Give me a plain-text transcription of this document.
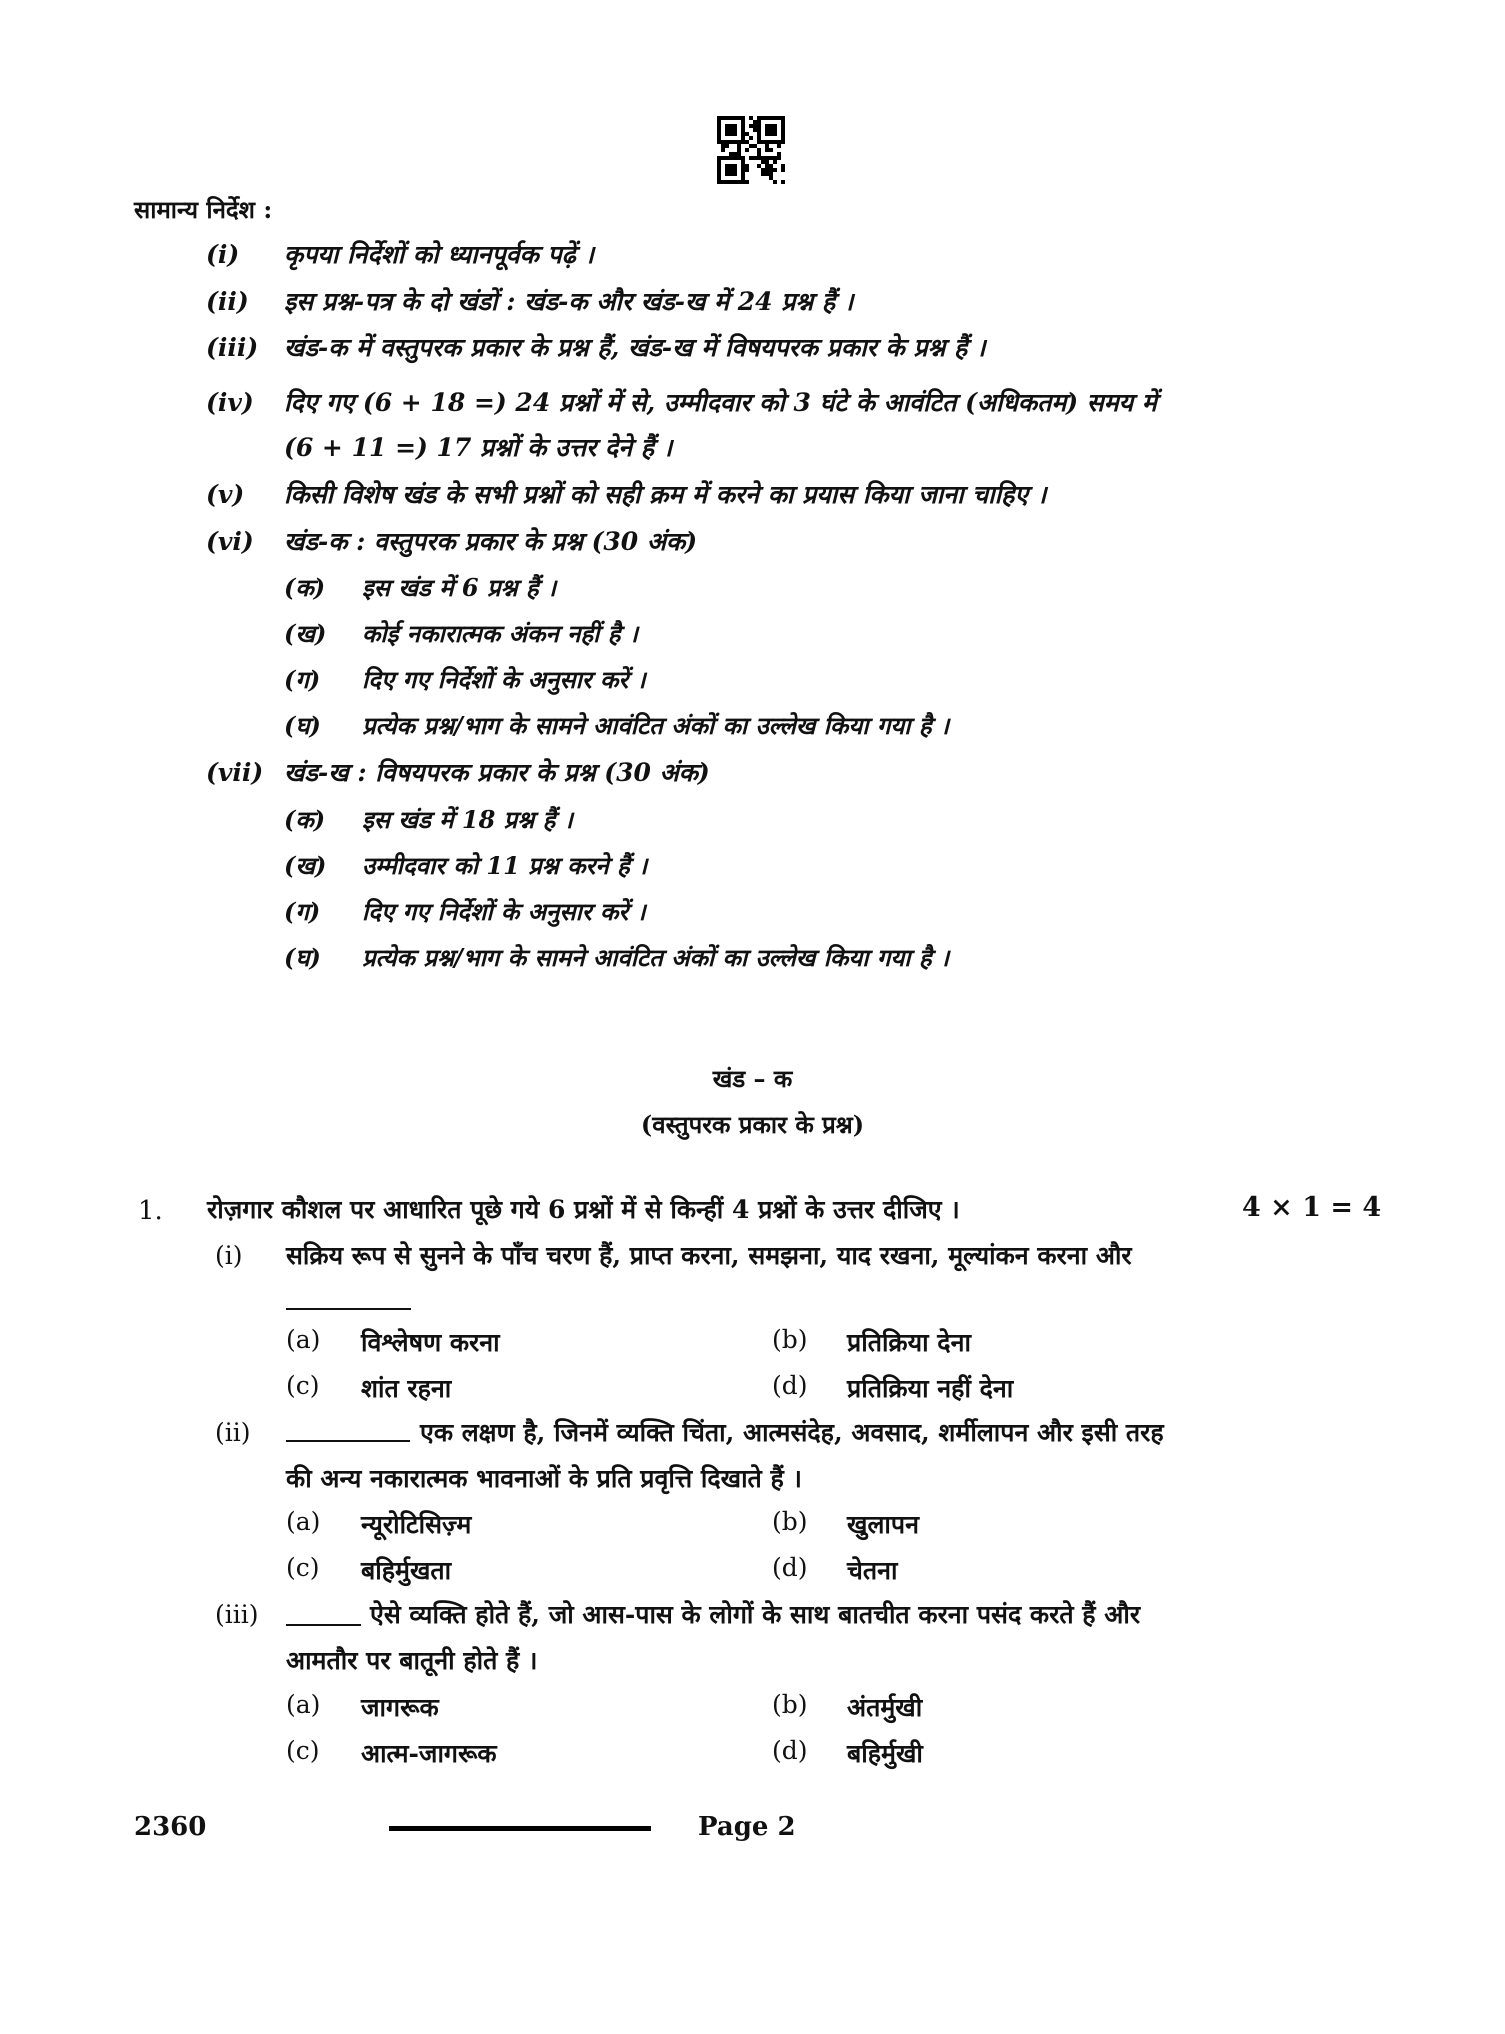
सामान्य निर्देश :
(i) कृपया निर्देशों को ध्यानपूर्वक पढ़ें ।
(ii) इस प्रश्न-पत्र के दो खंडों : खंड-क और खंड-ख में 24 प्रश्न हैं ।
(iii) खंड-क में वस्तुपरक प्रकार के प्रश्न हैं, खंड-ख में विषयपरक प्रकार के प्रश्न हैं ।
(iv) दिए गए (6 + 18 =) 24 प्रश्नों में से, उम्मीदवार को 3 घंटे के आवंटित (अधिकतम) समय में
(6 + 11 =) 17 प्रश्नों के उत्तर देने हैं ।
(v) किसी विशेष खंड के सभी प्रश्नों को सही क्रम में करने का प्रयास किया जाना चाहिए ।
(vi) खंड-क : वस्तुपरक प्रकार के प्रश्न (30 अंक)
(क) इस खंड में 6 प्रश्न हैं ।
(ख) कोई नकारात्मक अंकन नहीं है ।
(ग) दिए गए निर्देशों के अनुसार करें ।
(घ) प्रत्येक प्रश्न/भाग के सामने आवंटित अंकों का उल्लेख किया गया है ।
(vii) खंड-ख : विषयपरक प्रकार के प्रश्न (30 अंक)
(क) इस खंड में 18 प्रश्न हैं ।
(ख) उम्मीदवार को 11 प्रश्न करने हैं ।
(ग) दिए गए निर्देशों के अनुसार करें ।
(घ) प्रत्येक प्रश्न/भाग के सामने आवंटित अंकों का उल्लेख किया गया है ।
खंड – क
(वस्तुपरक प्रकार के प्रश्न)
1. रोज़गार कौशल पर आधारित पूछे गये 6 प्रश्नों में से किन्हीं 4 प्रश्नों के उत्तर दीजिए ।	4 × 1 = 4
(i) सक्रिय रूप से सुनने के पाँच चरण हैं, प्राप्त करना, समझना, याद रखना, मूल्यांकन करना और
(a) विश्लेषण करना	(b) प्रतिक्रिया देना
(c) शांत रहना	(d) प्रतिक्रिया नहीं देना
(ii)	एक लक्षण है, जिनमें व्यक्ति चिंता, आत्मसंदेह, अवसाद, शर्मीलापन और इसी तरह
की अन्य नकारात्मक भावनाओं के प्रति प्रवृत्ति दिखाते हैं ।
(a) न्यूरोटिसिज़्म	(b) खुलापन
(c) बहिर्मुखता	(d) चेतना
(iii)	ऐसे व्यक्ति होते हैं, जो आस-पास के लोगों के साथ बातचीत करना पसंद करते हैं और
आमतौर पर बातूनी होते हैं ।
(a) जागरूक	(b) अंतर्मुखी
(c) आत्म-जागरूक	(d) बहिर्मुखी
2360	Page 2
